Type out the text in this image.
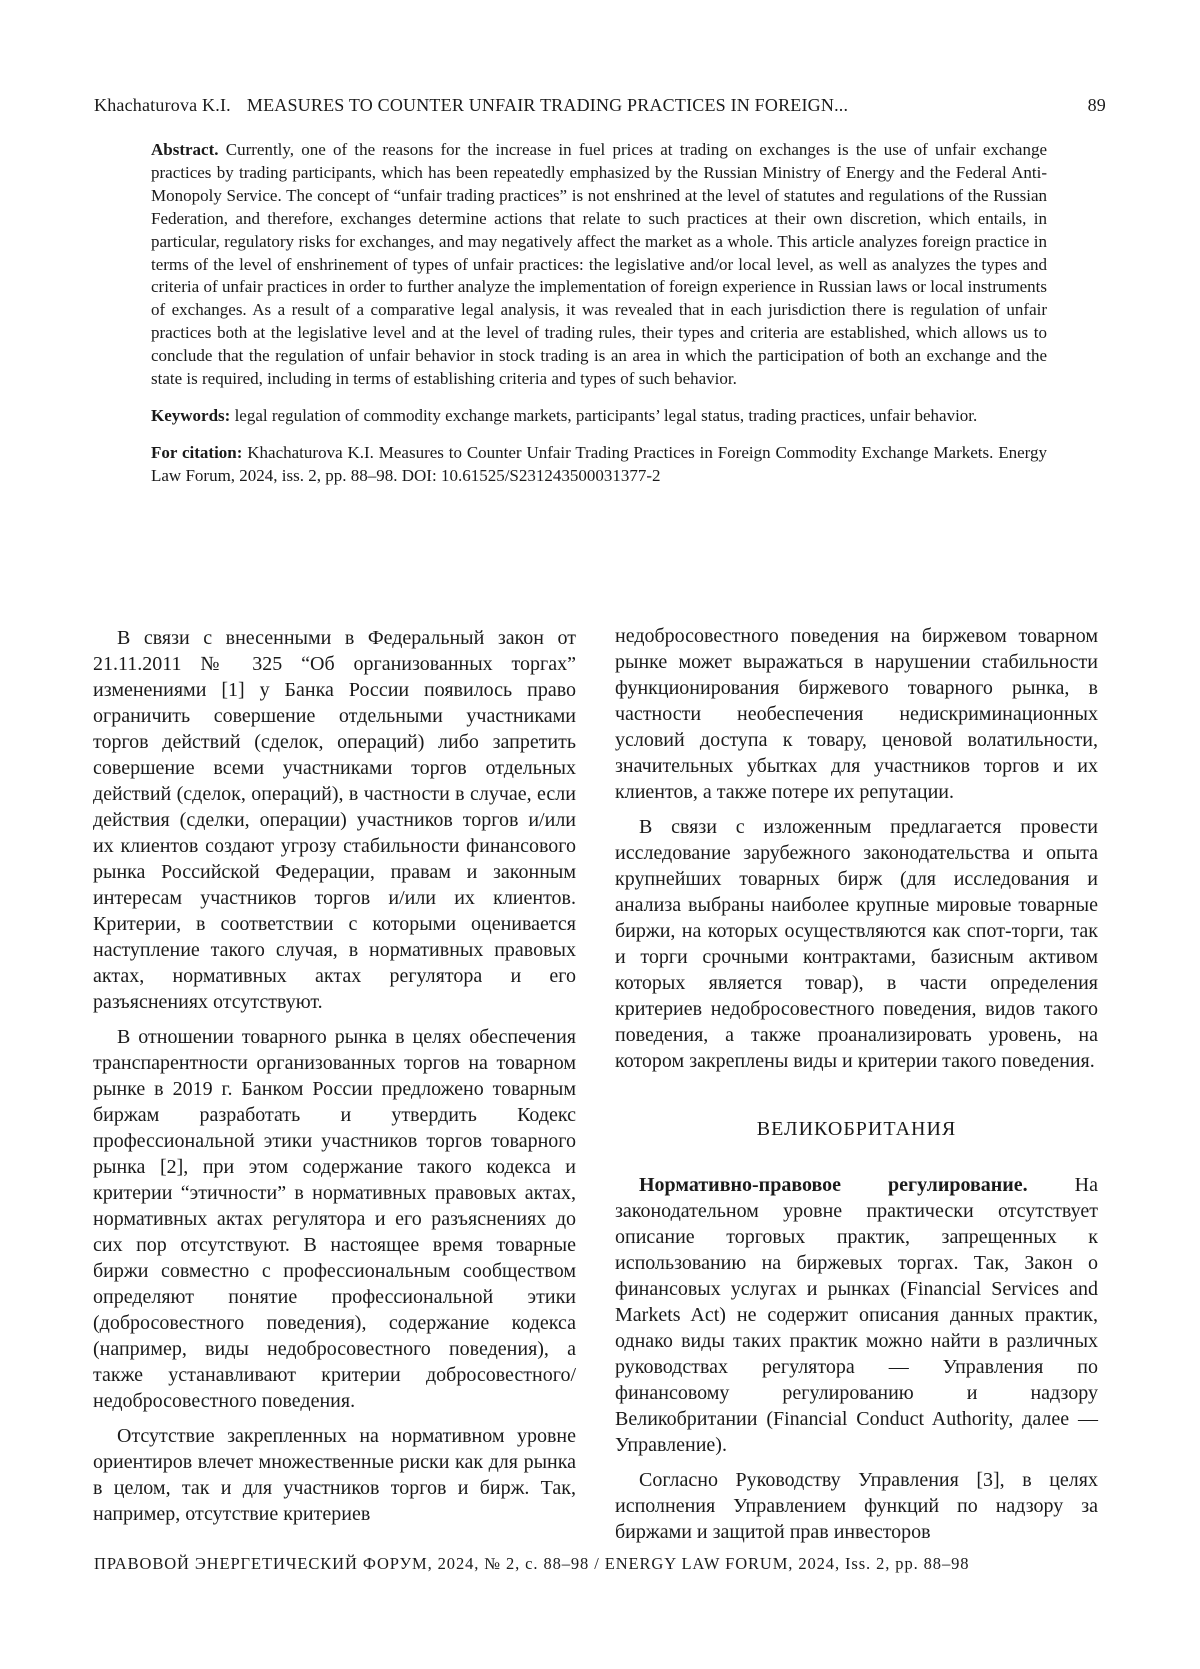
Khachaturova K.I. MEASURES TO COUNTER UNFAIR TRADING PRACTICES IN FOREIGN...	89

Abstract. Currently, one of the reasons for the increase in fuel prices at trading on exchanges is the use of unfair exchange practices by trading participants, which has been repeatedly emphasized by the Russian Ministry of Energy and the Federal Anti-Monopoly Service. The concept of “unfair trading practices” is not enshrined at the level of statutes and regulations of the Russian Federation, and therefore, exchanges determine actions that relate to such practices at their own discretion, which entails, in particular, regulatory risks for exchanges, and may negatively affect the market as a whole. This article analyzes foreign practice in terms of the level of enshrinement of types of unfair practices: the legislative and/or local level, as well as analyzes the types and criteria of unfair practices in order to further analyze the implementation of foreign experience in Russian laws or local instruments of exchanges. As a result of a comparative legal analysis, it was revealed that in each jurisdiction there is regulation of unfair practices both at the legislative level and at the level of trading rules, their types and criteria are established, which allows us to conclude that the regulation of unfair behavior in stock trading is an area in which the participation of both an exchange and the state is required, including in terms of establishing criteria and types of such behavior.

Keywords: legal regulation of commodity exchange markets, participants’ legal status, trading practices, unfair behavior.

For citation: Khachaturova K.I. Measures to Counter Unfair Trading Practices in Foreign Commodity Exchange Markets. Energy Law Forum, 2024, iss. 2, pp. 88–98. DOI: 10.61525/S231243500031377-2

В связи с внесенными в Федеральный закон от 21.11.2011 № 325 “Об организованных торгах” изменениями [1] у Банка России появилось право ограничить совершение отдельными участниками торгов действий (сделок, операций) либо запретить совершение всеми участниками торгов отдельных действий (сделок, операций), в частности в случае, если действия (сделки, операции) участников торгов и/или их клиентов создают угрозу стабильности финансового рынка Российской Федерации, правам и законным интересам участников торгов и/или их клиентов. Критерии, в соответствии с которыми оценивается наступление такого случая, в нормативных правовых актах, нормативных актах регулятора и его разъяснениях отсутствуют.

В отношении товарного рынка в целях обеспечения транспарентности организованных торгов на товарном рынке в 2019 г. Банком России предложено товарным биржам разработать и утвердить Кодекс профессиональной этики участников торгов товарного рынка [2], при этом содержание такого кодекса и критерии “этичности” в нормативных правовых актах, нормативных актах регулятора и его разъяснениях до сих пор отсутствуют. В настоящее время товарные биржи совместно с профессиональным сообществом определяют понятие профессиональной этики (добросовестного поведения), содержание кодекса (например, виды недобросовестного поведения), а также устанавливают критерии добросовестного/недобросовестного поведения.

Отсутствие закрепленных на нормативном уровне ориентиров влечет множественные риски как для рынка в целом, так и для участников торгов и бирж. Так, например, отсутствие критериев

недобросовестного поведения на биржевом товарном рынке может выражаться в нарушении стабильности функционирования биржевого товарного рынка, в частности необеспечения недискриминационных условий доступа к товару, ценовой волатильности, значительных убытках для участников торгов и их клиентов, а также потере их репутации.

В связи с изложенным предлагается провести исследование зарубежного законодательства и опыта крупнейших товарных бирж (для исследования и анализа выбраны наиболее крупные мировые товарные биржи, на которых осуществляются как спот-торги, так и торги срочными контрактами, базисным активом которых является товар), в части определения критериев недобросовестного поведения, видов такого поведения, а также проанализировать уровень, на котором закреплены виды и критерии такого поведения.

ВЕЛИКОБРИТАНИЯ

Нормативно-правовое регулирование. На законодательном уровне практически отсутствует описание торговых практик, запрещенных к использованию на биржевых торгах. Так, Закон о финансовых услугах и рынках (Financial Services and Markets Act) не содержит описания данных практик, однако виды таких практик можно найти в различных руководствах регулятора — Управления по финансовому регулированию и надзору Великобритании (Financial Conduct Authority, далее — Управление).

Согласно Руководству Управления [3], в целях исполнения Управлением функций по надзору за биржами и защитой прав инвесторов

ПРАВОВОЙ ЭНЕРГЕТИЧЕСКИЙ ФОРУМ, 2024, № 2, с. 88–98 / ENERGY LAW FORUM, 2024, Iss. 2, pp. 88–98
